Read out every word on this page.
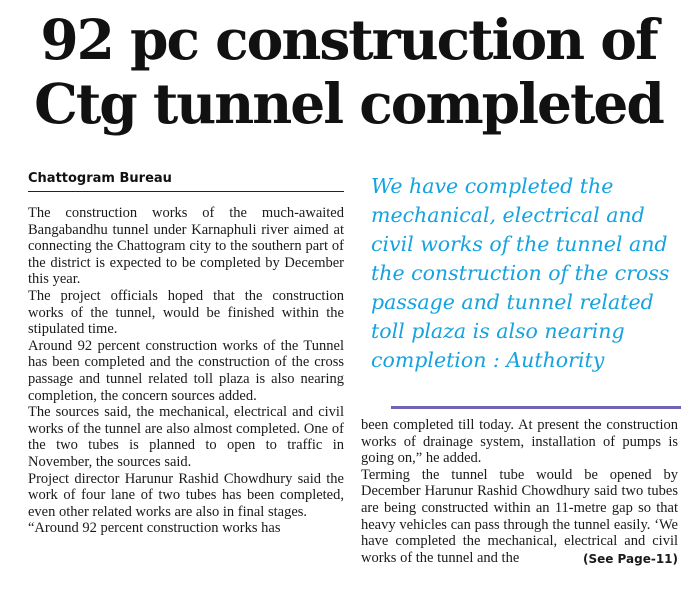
92 pc construction of
Ctg tunnel completed
Chattogram Bureau

The construction works of the much-awaited Bangabandhu tunnel under Karnaphuli river aimed at connecting the Chattogram city to the southern part of the district is expected to be completed by December this year.

The project officials hoped that the construction works of the tunnel, would be finished within the stipulated time.

Around 92 percent construction works of the Tunnel has been completed and the construction of the cross passage and tunnel related toll plaza is also nearing completion, the concern sources added.

The sources said, the mechanical, electrical and civil works of the tunnel are also almost completed. One of the two tubes is planned to open to traffic in November, the sources said.

Project director Harunur Rashid Chowdhury said the work of four lane of two tubes has been completed, even other related works are also in final stages.

“Around 92 percent construction works has

We have completed the mechanical, electrical and civil works of the tunnel and the construction of the cross passage and tunnel related toll plaza is also nearing completion : Authority

been completed till today. At present the construction works of drainage system, installation of pumps is going on,” he added.

Terming the tunnel tube would be opened by December Harunur Rashid Chowdhury said two tubes are being constructed within an 11-metre gap so that heavy vehicles can pass through the tunnel easily. ‘We have completed the mechanical, electrical and civil works of the tunnel and the	(See Page-11)
